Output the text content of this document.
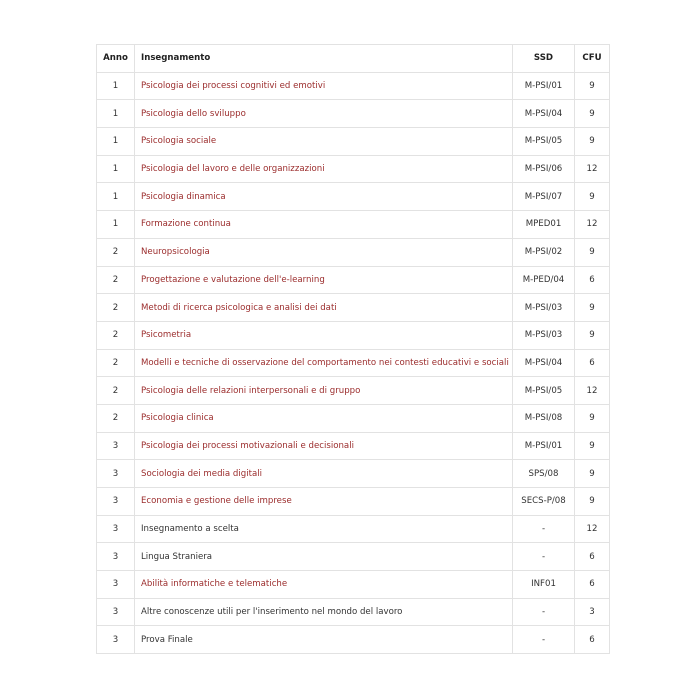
Anno	Insegnamento	SSD	CFU
1	Psicologia dei processi cognitivi ed emotivi	M-PSI/01	9
1	Psicologia dello sviluppo	M-PSI/04	9
1	Psicologia sociale	M-PSI/05	9
1	Psicologia del lavoro e delle organizzazioni	M-PSI/06	12
1	Psicologia dinamica	M-PSI/07	9
1	Formazione continua	MPED01	12
2	Neuropsicologia	M-PSI/02	9
2	Progettazione e valutazione dell'e-learning	M-PED/04	6
2	Metodi di ricerca psicologica e analisi dei dati	M-PSI/03	9
2	Psicometria	M-PSI/03	9
2	Modelli e tecniche di osservazione del comportamento nei contesti educativi e sociali	M-PSI/04	6
2	Psicologia delle relazioni interpersonali e di gruppo	M-PSI/05	12
2	Psicologia clinica	M-PSI/08	9
3	Psicologia dei processi motivazionali e decisionali	M-PSI/01	9
3	Sociologia dei media digitali	SPS/08	9
3	Economia e gestione delle imprese	SECS-P/08	9
3	Insegnamento a scelta	-	12
3	Lingua Straniera	-	6
3	Abilità informatiche e telematiche	INF01	6
3	Altre conoscenze utili per l'inserimento nel mondo del lavoro	-	3
3	Prova Finale	-	6
